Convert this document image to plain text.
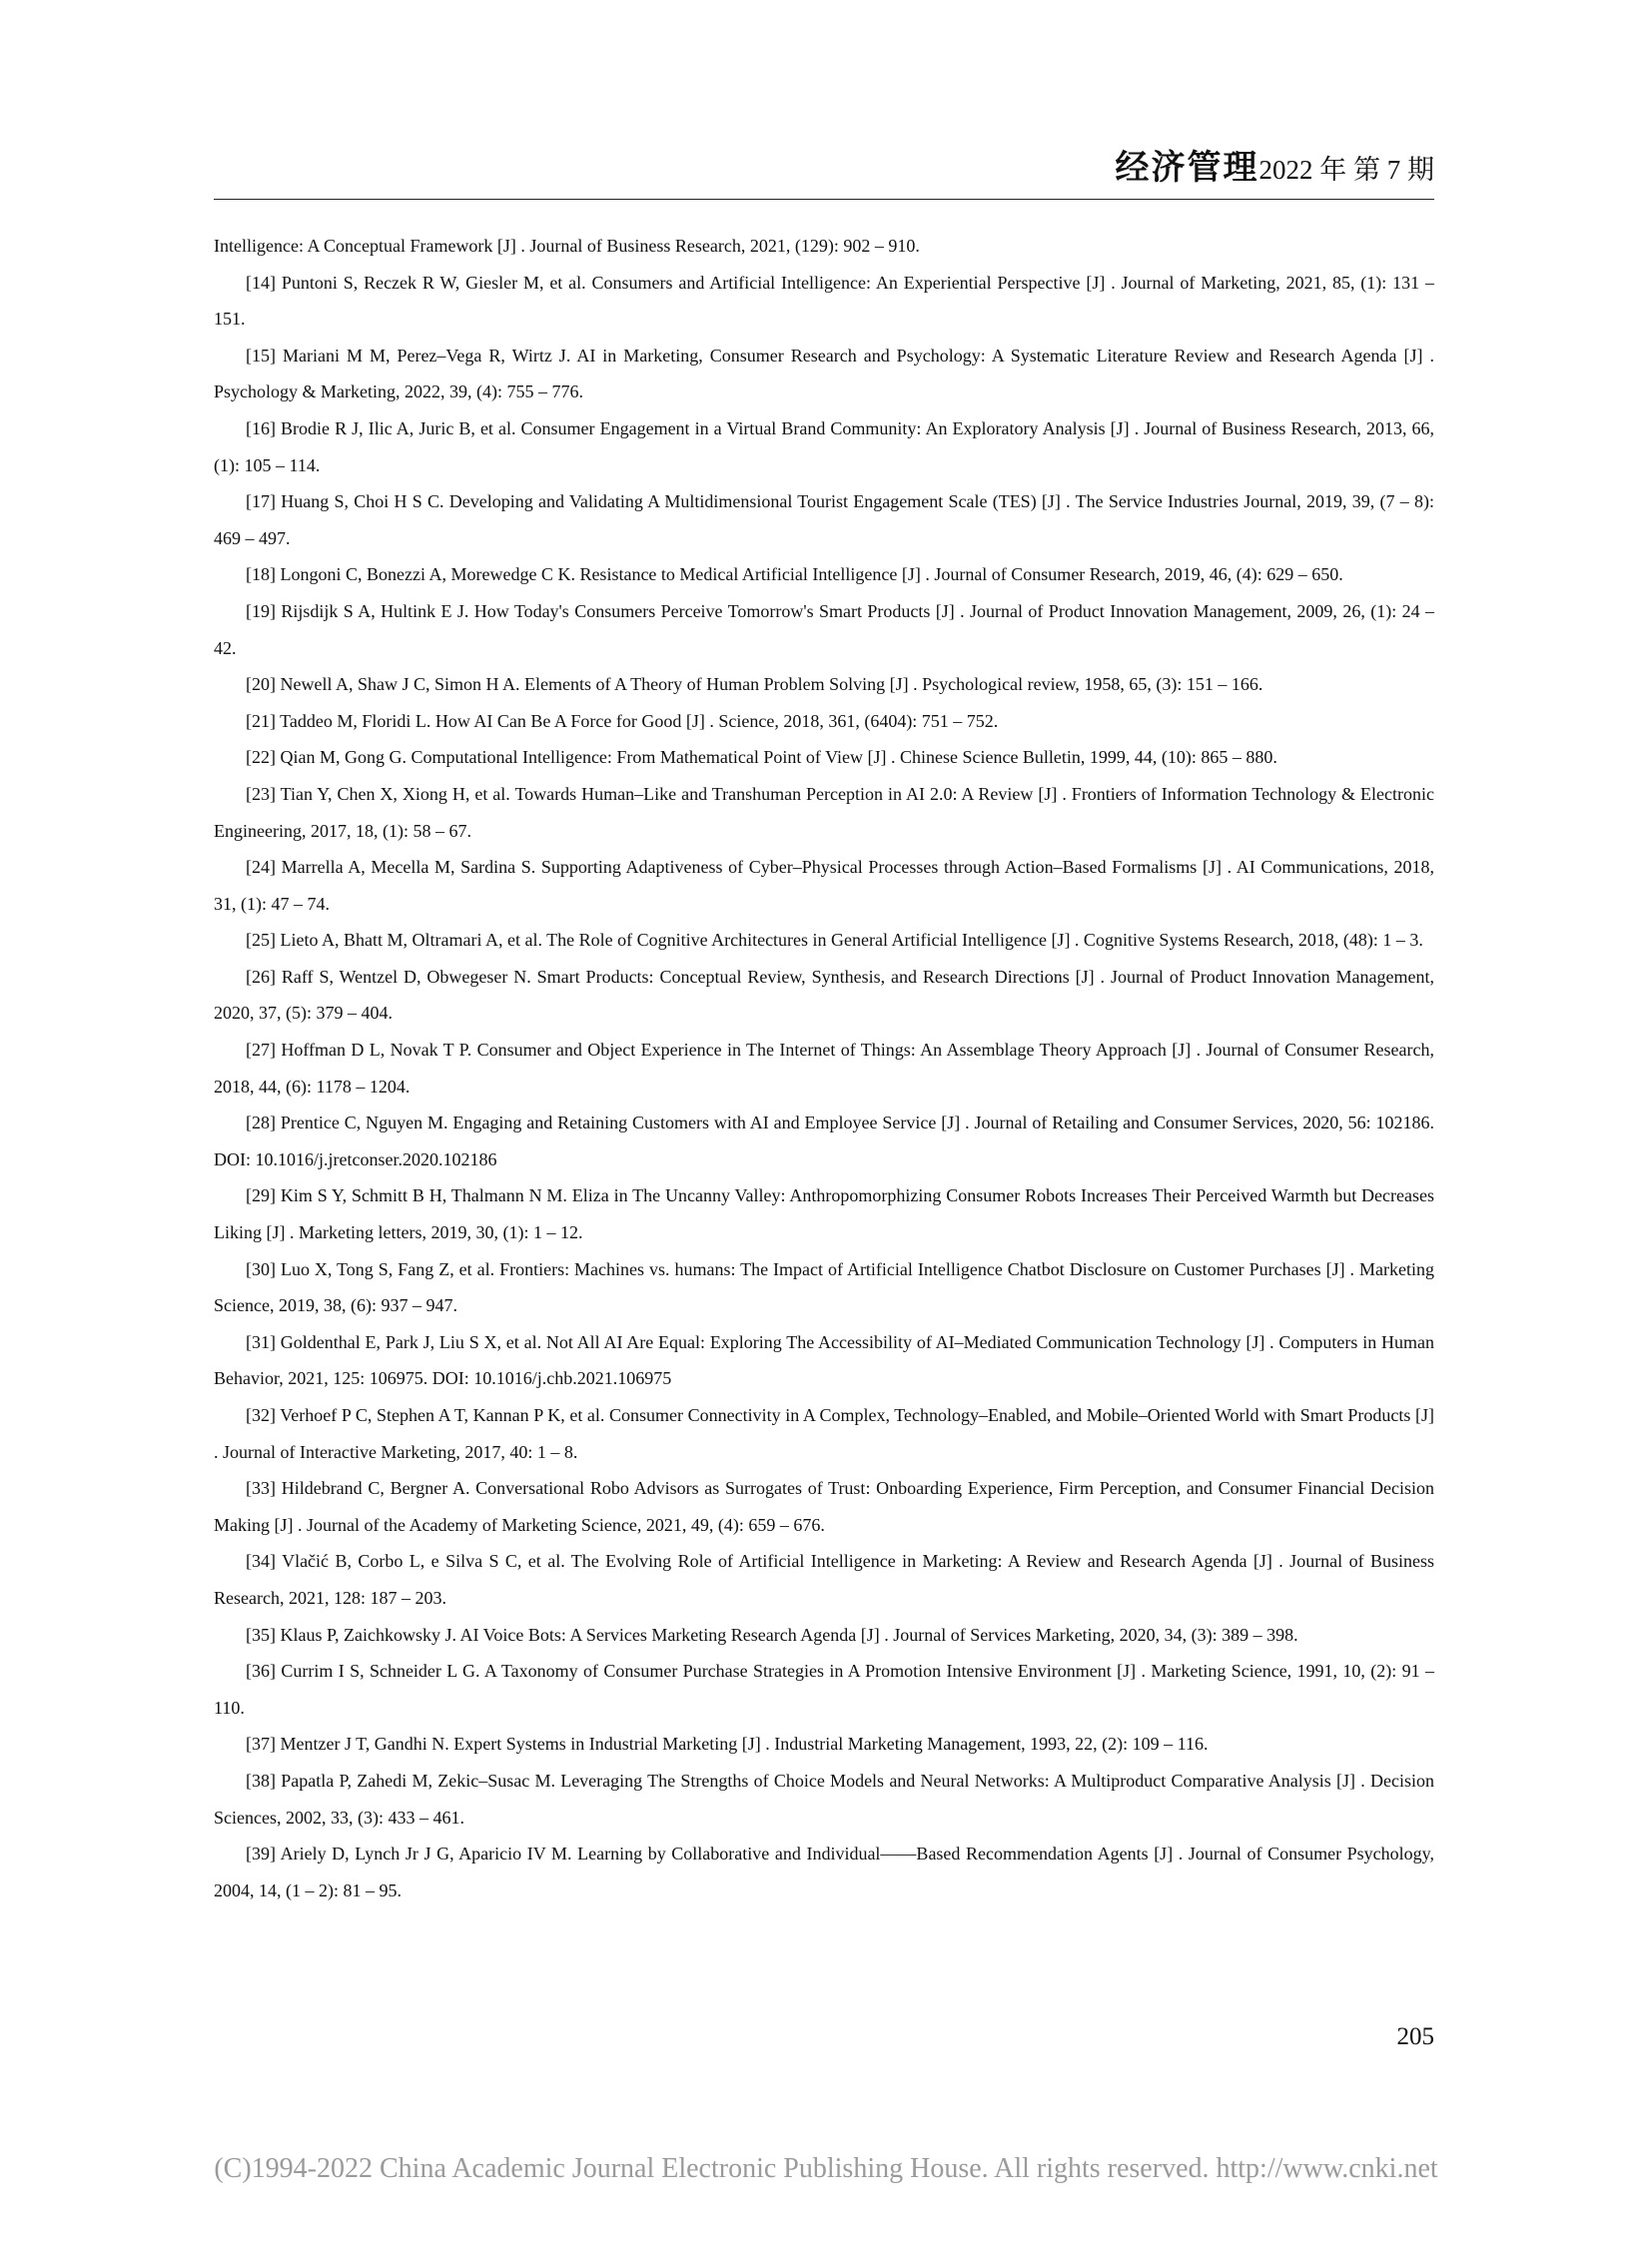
经济管理2022 年 第 7 期

Intelligence: A Conceptual Framework [J] . Journal of Business Research, 2021, (129): 902 – 910.

[14] Puntoni S, Reczek R W, Giesler M, et al. Consumers and Artificial Intelligence: An Experiential Perspective [J] . Journal of Marketing, 2021, 85, (1): 131 – 151.

[15] Mariani M M, Perez–Vega R, Wirtz J. AI in Marketing, Consumer Research and Psychology: A Systematic Literature Review and Research Agenda [J] . Psychology & Marketing, 2022, 39, (4): 755 – 776.

[16] Brodie R J, Ilic A, Juric B, et al. Consumer Engagement in a Virtual Brand Community: An Exploratory Analysis [J] . Journal of Business Research, 2013, 66, (1): 105 – 114.

[17] Huang S, Choi H S C. Developing and Validating A Multidimensional Tourist Engagement Scale (TES) [J] . The Service Industries Journal, 2019, 39, (7 – 8): 469 – 497.

[18] Longoni C, Bonezzi A, Morewedge C K. Resistance to Medical Artificial Intelligence [J] . Journal of Consumer Research, 2019, 46, (4): 629 – 650.

[19] Rijsdijk S A, Hultink E J. How Today's Consumers Perceive Tomorrow's Smart Products [J] . Journal of Product Innovation Management, 2009, 26, (1): 24 – 42.

[20] Newell A, Shaw J C, Simon H A. Elements of A Theory of Human Problem Solving [J] . Psychological review, 1958, 65, (3): 151 – 166.

[21] Taddeo M, Floridi L. How AI Can Be A Force for Good [J] . Science, 2018, 361, (6404): 751 – 752.

[22] Qian M, Gong G. Computational Intelligence: From Mathematical Point of View [J] . Chinese Science Bulletin, 1999, 44, (10): 865 – 880.

[23] Tian Y, Chen X, Xiong H, et al. Towards Human–Like and Transhuman Perception in AI 2.0: A Review [J] . Frontiers of Information Technology & Electronic Engineering, 2017, 18, (1): 58 – 67.

[24] Marrella A, Mecella M, Sardina S. Supporting Adaptiveness of Cyber–Physical Processes through Action–Based Formalisms [J] . AI Communications, 2018, 31, (1): 47 – 74.

[25] Lieto A, Bhatt M, Oltramari A, et al. The Role of Cognitive Architectures in General Artificial Intelligence [J] . Cognitive Systems Research, 2018, (48): 1 – 3.

[26] Raff S, Wentzel D, Obwegeser N. Smart Products: Conceptual Review, Synthesis, and Research Directions [J] . Journal of Product Innovation Management, 2020, 37, (5): 379 – 404.

[27] Hoffman D L, Novak T P. Consumer and Object Experience in The Internet of Things: An Assemblage Theory Approach [J] . Journal of Consumer Research, 2018, 44, (6): 1178 – 1204.

[28] Prentice C, Nguyen M. Engaging and Retaining Customers with AI and Employee Service [J] . Journal of Retailing and Consumer Services, 2020, 56: 102186. DOI: 10.1016/j.jretconser.2020.102186

[29] Kim S Y, Schmitt B H, Thalmann N M. Eliza in The Uncanny Valley: Anthropomorphizing Consumer Robots Increases Their Perceived Warmth but Decreases Liking [J] . Marketing letters, 2019, 30, (1): 1 – 12.

[30] Luo X, Tong S, Fang Z, et al. Frontiers: Machines vs. humans: The Impact of Artificial Intelligence Chatbot Disclosure on Customer Purchases [J] . Marketing Science, 2019, 38, (6): 937 – 947.

[31] Goldenthal E, Park J, Liu S X, et al. Not All AI Are Equal: Exploring The Accessibility of AI–Mediated Communication Technology [J] . Computers in Human Behavior, 2021, 125: 106975. DOI: 10.1016/j.chb.2021.106975

[32] Verhoef P C, Stephen A T, Kannan P K, et al. Consumer Connectivity in A Complex, Technology–Enabled, and Mobile–Oriented World with Smart Products [J] . Journal of Interactive Marketing, 2017, 40: 1 – 8.

[33] Hildebrand C, Bergner A. Conversational Robo Advisors as Surrogates of Trust: Onboarding Experience, Firm Perception, and Consumer Financial Decision Making [J] . Journal of the Academy of Marketing Science, 2021, 49, (4): 659 – 676.

[34] Vlačić B, Corbo L, e Silva S C, et al. The Evolving Role of Artificial Intelligence in Marketing: A Review and Research Agenda [J] . Journal of Business Research, 2021, 128: 187 – 203.

[35] Klaus P, Zaichkowsky J. AI Voice Bots: A Services Marketing Research Agenda [J] . Journal of Services Marketing, 2020, 34, (3): 389 – 398.

[36] Currim I S, Schneider L G. A Taxonomy of Consumer Purchase Strategies in A Promotion Intensive Environment [J] . Marketing Science, 1991, 10, (2): 91 – 110.

[37] Mentzer J T, Gandhi N. Expert Systems in Industrial Marketing [J] . Industrial Marketing Management, 1993, 22, (2): 109 – 116.

[38] Papatla P, Zahedi M, Zekic–Susac M. Leveraging The Strengths of Choice Models and Neural Networks: A Multiproduct Comparative Analysis [J] . Decision Sciences, 2002, 33, (3): 433 – 461.

[39] Ariely D, Lynch Jr J G, Aparicio IV M. Learning by Collaborative and Individual——Based Recommendation Agents [J] . Journal of Consumer Psychology, 2004, 14, (1 – 2): 81 – 95.

205
(C)1994-2022 China Academic Journal Electronic Publishing House. All rights reserved. http://www.cnki.net
